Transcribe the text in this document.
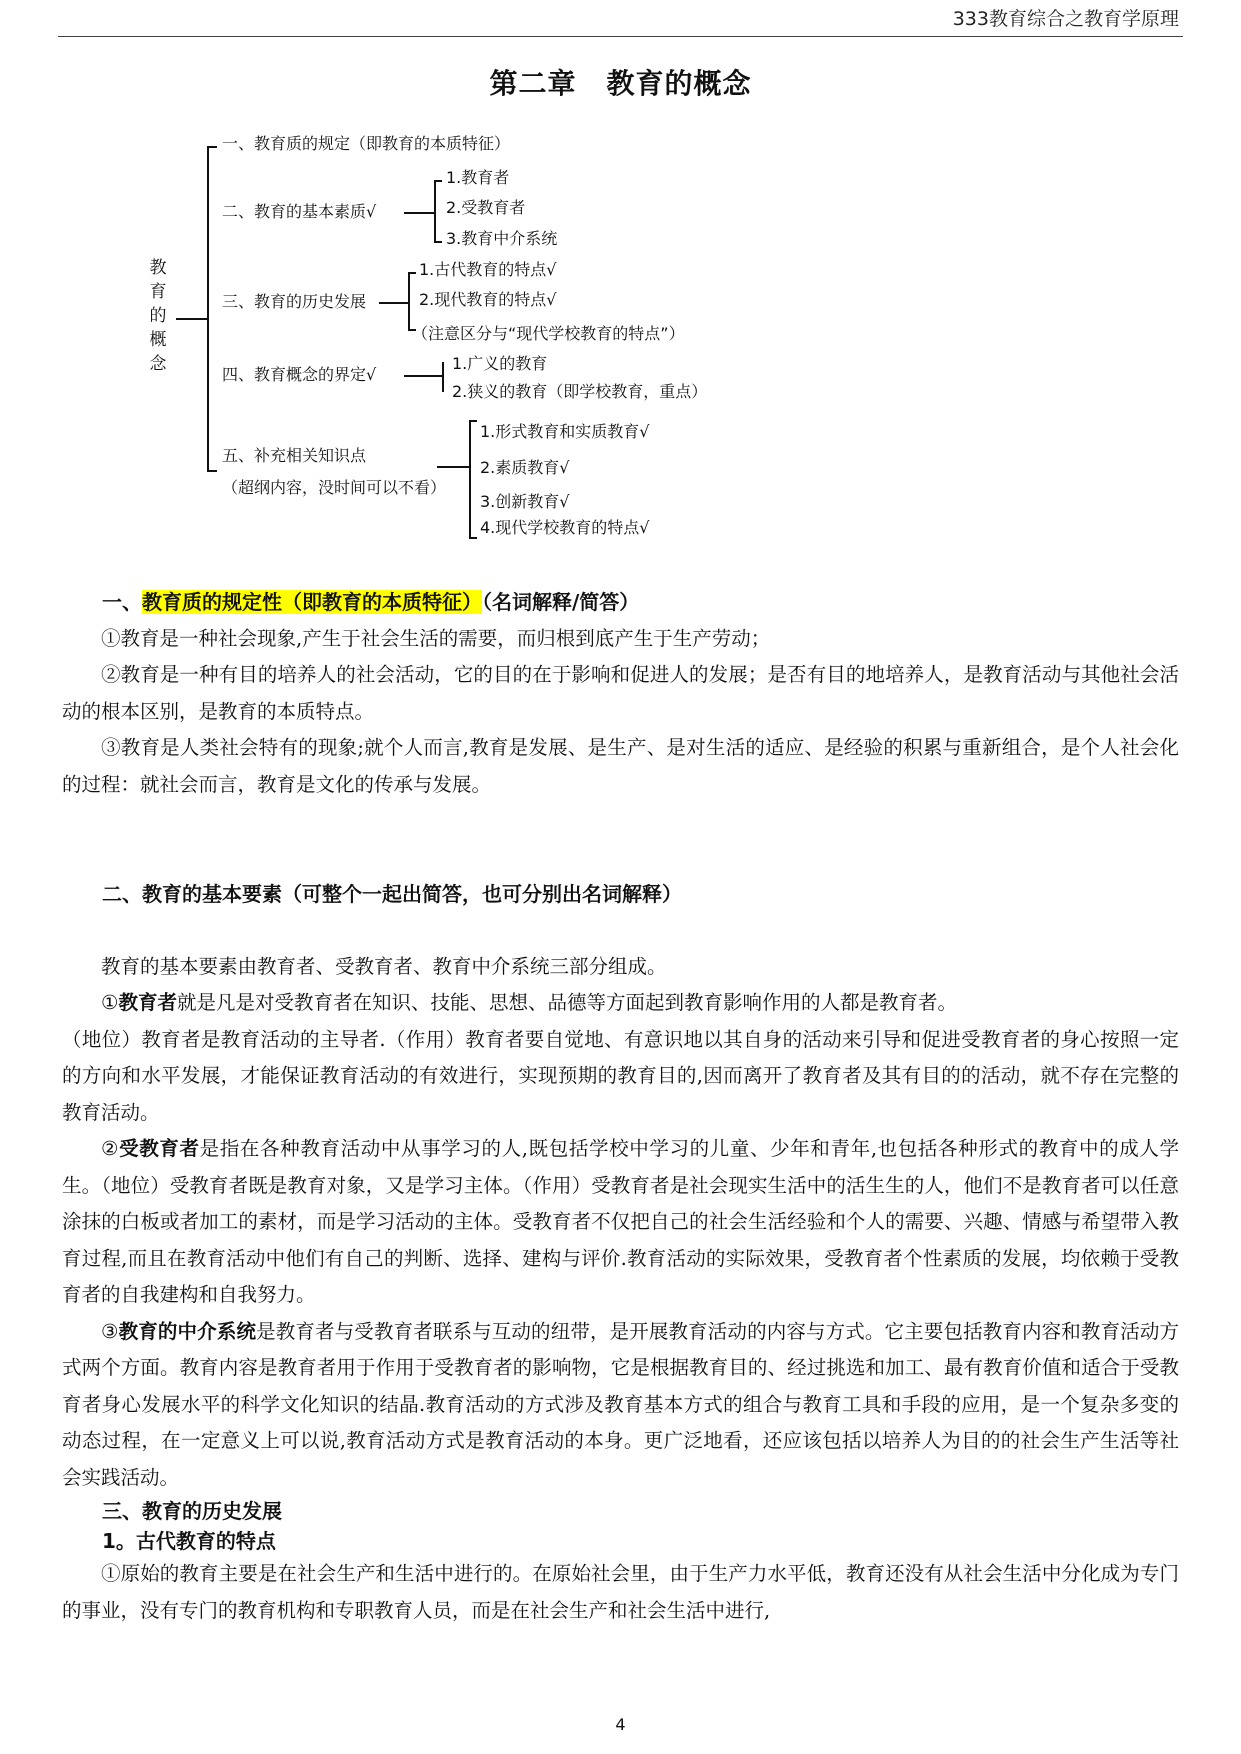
333教育综合之教育学原理
第二章 教育的概念
教
育
的
概
念
一、教育质的规定（即教育的本质特征）
二、教育的基本素质√
1.教育者
2.受教育者
3.教育中介系统
三、教育的历史发展
1.古代教育的特点√
2.现代教育的特点√
（注意区分与“现代学校教育的特点”）
四、教育概念的界定√
1.广义的教育
2.狭义的教育（即学校教育，重点）
五、补充相关知识点
（超纲内容，没时间可以不看）
1.形式教育和实质教育√
2.素质教育√
3.创新教育√
4.现代学校教育的特点√
一、教育质的规定性（即教育的本质特征）（名词解释/简答）

①教育是一种社会现象,产生于社会生活的需要，而归根到底产生于生产劳动；

②教育是一种有目的培养人的社会活动，它的目的在于影响和促进人的发展；是否有目的地培养人，是教育活动与其他社会活动的根本区别，是教育的本质特点。

③教育是人类社会特有的现象;就个人而言,教育是发展、是生产、是对生活的适应、是经验的积累与重新组合，是个人社会化的过程：就社会而言，教育是文化的传承与发展。

二、教育的基本要素（可整个一起出简答，也可分别出名词解释）

教育的基本要素由教育者、受教育者、教育中介系统三部分组成。

①教育者就是凡是对受教育者在知识、技能、思想、品德等方面起到教育影响作用的人都是教育者。

（地位）教育者是教育活动的主导者.（作用）教育者要自觉地、有意识地以其自身的活动来引导和促进受教育者的身心按照一定的方向和水平发展，才能保证教育活动的有效进行，实现预期的教育目的,因而离开了教育者及其有目的的活动，就不存在完整的教育活动。

②受教育者是指在各种教育活动中从事学习的人,既包括学校中学习的儿童、少年和青年,也包括各种形式的教育中的成人学生。（地位）受教育者既是教育对象，又是学习主体。（作用）受教育者是社会现实生活中的活生生的人，他们不是教育者可以任意涂抹的白板或者加工的素材，而是学习活动的主体。受教育者不仅把自己的社会生活经验和个人的需要、兴趣、情感与希望带入教育过程,而且在教育活动中他们有自己的判断、选择、建构与评价.教育活动的实际效果，受教育者个性素质的发展，均依赖于受教育者的自我建构和自我努力。

③教育的中介系统是教育者与受教育者联系与互动的纽带，是开展教育活动的内容与方式。它主要包括教育内容和教育活动方式两个方面。教育内容是教育者用于作用于受教育者的影响物，它是根据教育目的、经过挑选和加工、最有教育价值和适合于受教育者身心发展水平的科学文化知识的结晶.教育活动的方式涉及教育基本方式的组合与教育工具和手段的应用，是一个复杂多变的动态过程，在一定意义上可以说,教育活动方式是教育活动的本身。更广泛地看，还应该包括以培养人为目的的社会生产生活等社会实践活动。

三、教育的历史发展
1。古代教育的特点

①原始的教育主要是在社会生产和生活中进行的。在原始社会里，由于生产力水平低，教育还没有从社会生活中分化成为专门的事业，没有专门的教育机构和专职教育人员，而是在社会生产和社会生活中进行,

4
